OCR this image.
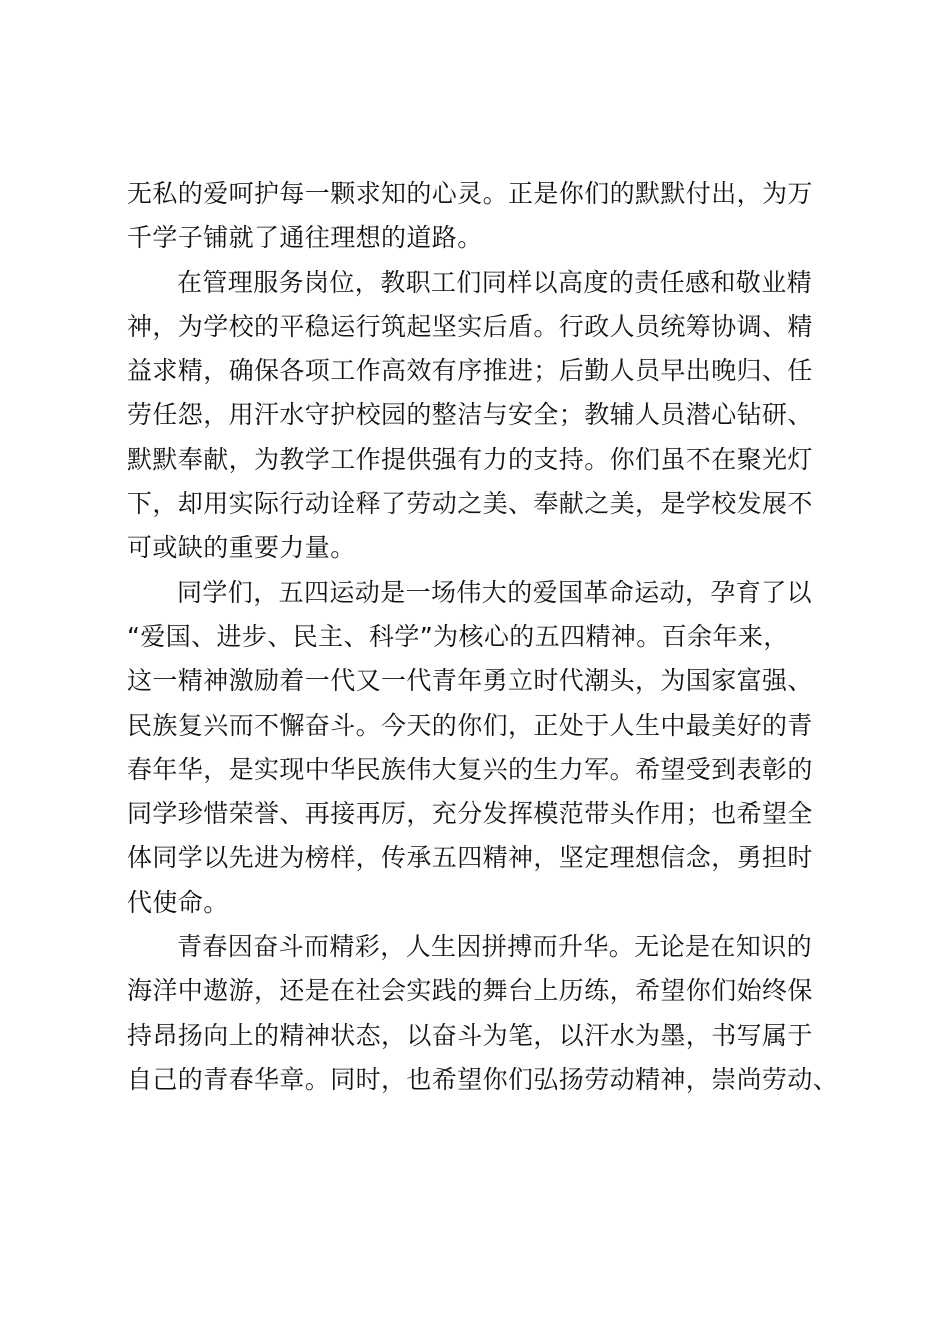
无私的爱呵护每一颗求知的心灵。正是你们的默默付出，为万
千学子铺就了通往理想的道路。

在管理服务岗位，教职工们同样以高度的责任感和敬业精
神，为学校的平稳运行筑起坚实后盾。行政人员统筹协调、精
益求精，确保各项工作高效有序推进；后勤人员早出晚归、任
劳任怨，用汗水守护校园的整洁与安全；教辅人员潜心钻研、
默默奉献，为教学工作提供强有力的支持。你们虽不在聚光灯
下，却用实际行动诠释了劳动之美、奉献之美，是学校发展不
可或缺的重要力量。

同学们，五四运动是一场伟大的爱国革命运动，孕育了以
“爱国、进步、民主、科学”为核心的五四精神。百余年来，
这一精神激励着一代又一代青年勇立时代潮头，为国家富强、
民族复兴而不懈奋斗。今天的你们，正处于人生中最美好的青
春年华，是实现中华民族伟大复兴的生力军。希望受到表彰的
同学珍惜荣誉、再接再厉，充分发挥模范带头作用；也希望全
体同学以先进为榜样，传承五四精神，坚定理想信念，勇担时
代使命。

青春因奋斗而精彩，人生因拼搏而升华。无论是在知识的
海洋中遨游，还是在社会实践的舞台上历练，希望你们始终保
持昂扬向上的精神状态，以奋斗为笔，以汗水为墨，书写属于
自己的青春华章。同时，也希望你们弘扬劳动精神，崇尚劳动、
